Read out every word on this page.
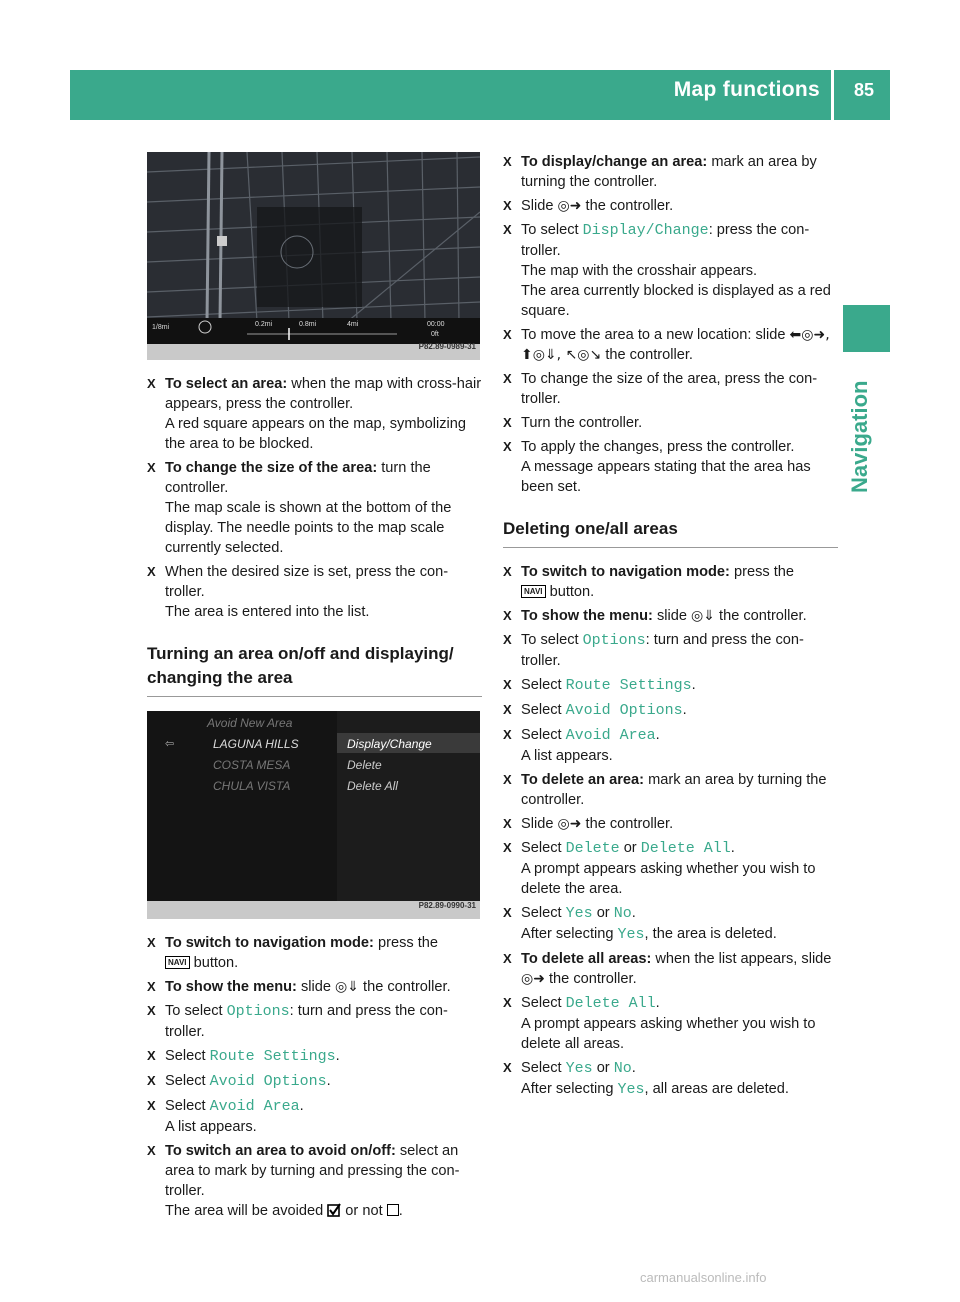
Map functions 85
Navigation
1/8mi	0.2mi	0.8mi	4mi	00:00
0ft
P82.89-0989-31
X To select an area: when the map with cross-hair appears, press the controller.
A red square appears on the map, symbolizing the area to be blocked.
X To change the size of the area: turn the controller.
The map scale is shown at the bottom of the display. The needle points to the map scale currently selected.
X When the desired size is set, press the con-troller.
The area is entered into the list.
Turning an area on/off and displaying/ changing the area
Avoid New Area
⇦	LAGUNA HILLS
COSTA MESA
CHULA VISTA
Display/Change
Delete
Delete All
P82.89-0990-31
X To switch to navigation mode: press the
NAVI button.
X To show the menu: slide ◎⇓ the controller.
X To select Options: turn and press the con-troller.
X Select Route Settings.
X Select Avoid Options.
X Select Avoid Area.
A list appears.
X To switch an area to avoid on/off: select an area to mark by turning and pressing the con-troller.
The area will be avoided  or not .
X To display/change an area: mark an area by turning the controller.
X Slide ◎➜ the controller.
X To select Display/Change: press the con-troller.
The map with the crosshair appears.
The area currently blocked is displayed as a red square.
X To move the area to a new location: slide ⬅◎➜, ⬆◎⇓, ↖◎↘ the controller.
X To change the size of the area, press the con-troller.
X Turn the controller.
X To apply the changes, press the controller.
A message appears stating that the area has been set.
Deleting one/all areas
X To switch to navigation mode: press the
NAVI button.
X To show the menu: slide ◎⇓ the controller.
X To select Options: turn and press the con-troller.
X Select Route Settings.
X Select Avoid Options.
X Select Avoid Area.
A list appears.
X To delete an area: mark an area by turning the controller.
X Slide ◎➜ the controller.
X Select Delete or Delete All.
A prompt appears asking whether you wish to delete the area.
X Select Yes or No.
After selecting Yes, the area is deleted.
X To delete all areas: when the list appears, slide ◎➜ the controller.
X Select Delete All.
A prompt appears asking whether you wish to delete all areas.
X Select Yes or No.
After selecting Yes, all areas are deleted.
carmanualsonline.info
